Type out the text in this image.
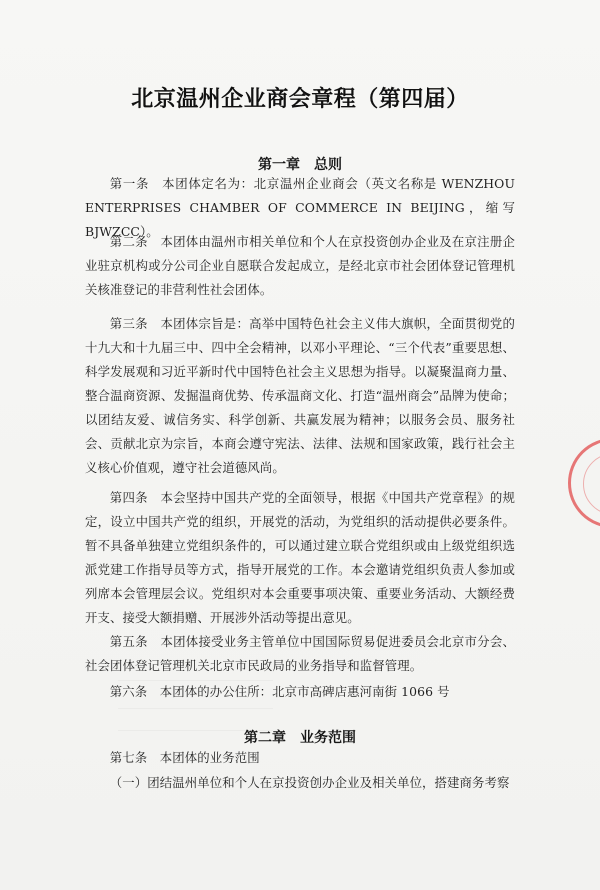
北京温州企业商会章程（第四届）
第一章　总则
第一条　本团体定名为：北京温州企业商会（英文名称是 WENZHOU ENTERPRISES CHAMBER OF COMMERCE IN BEIJING，缩写 BJWZCC）。
第二条　本团体由温州市相关单位和个人在京投资创办企业及在京注册企业驻京机构或分公司企业自愿联合发起成立，是经北京市社会团体登记管理机关核准登记的非营利性社会团体。
第三条　本团体宗旨是：高举中国特色社会主义伟大旗帜，全面贯彻党的十九大和十九届三中、四中全会精神，以邓小平理论、“三个代表”重要思想、科学发展观和习近平新时代中国特色社会主义思想为指导。以凝聚温商力量、整合温商资源、发掘温商优势、传承温商文化、打造“温州商会”品牌为使命；以团结友爱、诚信务实、科学创新、共赢发展为精神；以服务会员、服务社会、贡献北京为宗旨，本商会遵守宪法、法律、法规和国家政策，践行社会主义核心价值观，遵守社会道德风尚。
第四条　本会坚持中国共产党的全面领导，根据《中国共产党章程》的规定，设立中国共产党的组织，开展党的活动，为党组织的活动提供必要条件。暂不具备单独建立党组织条件的，可以通过建立联合党组织或由上级党组织选派党建工作指导员等方式，指导开展党的工作。本会邀请党组织负责人参加或列席本会管理层会议。党组织对本会重要事项决策、重要业务活动、大额经费开支、接受大额捐赠、开展涉外活动等提出意见。
第五条　本团体接受业务主管单位中国国际贸易促进委员会北京市分会、社会团体登记管理机关北京市民政局的业务指导和监督管理。
第六条　本团体的办公住所：北京市高碑店惠河南街 1066 号
第二章　业务范围
第七条　本团体的业务范围
（一）团结温州单位和个人在京投资创办企业及相关单位，搭建商务考察
